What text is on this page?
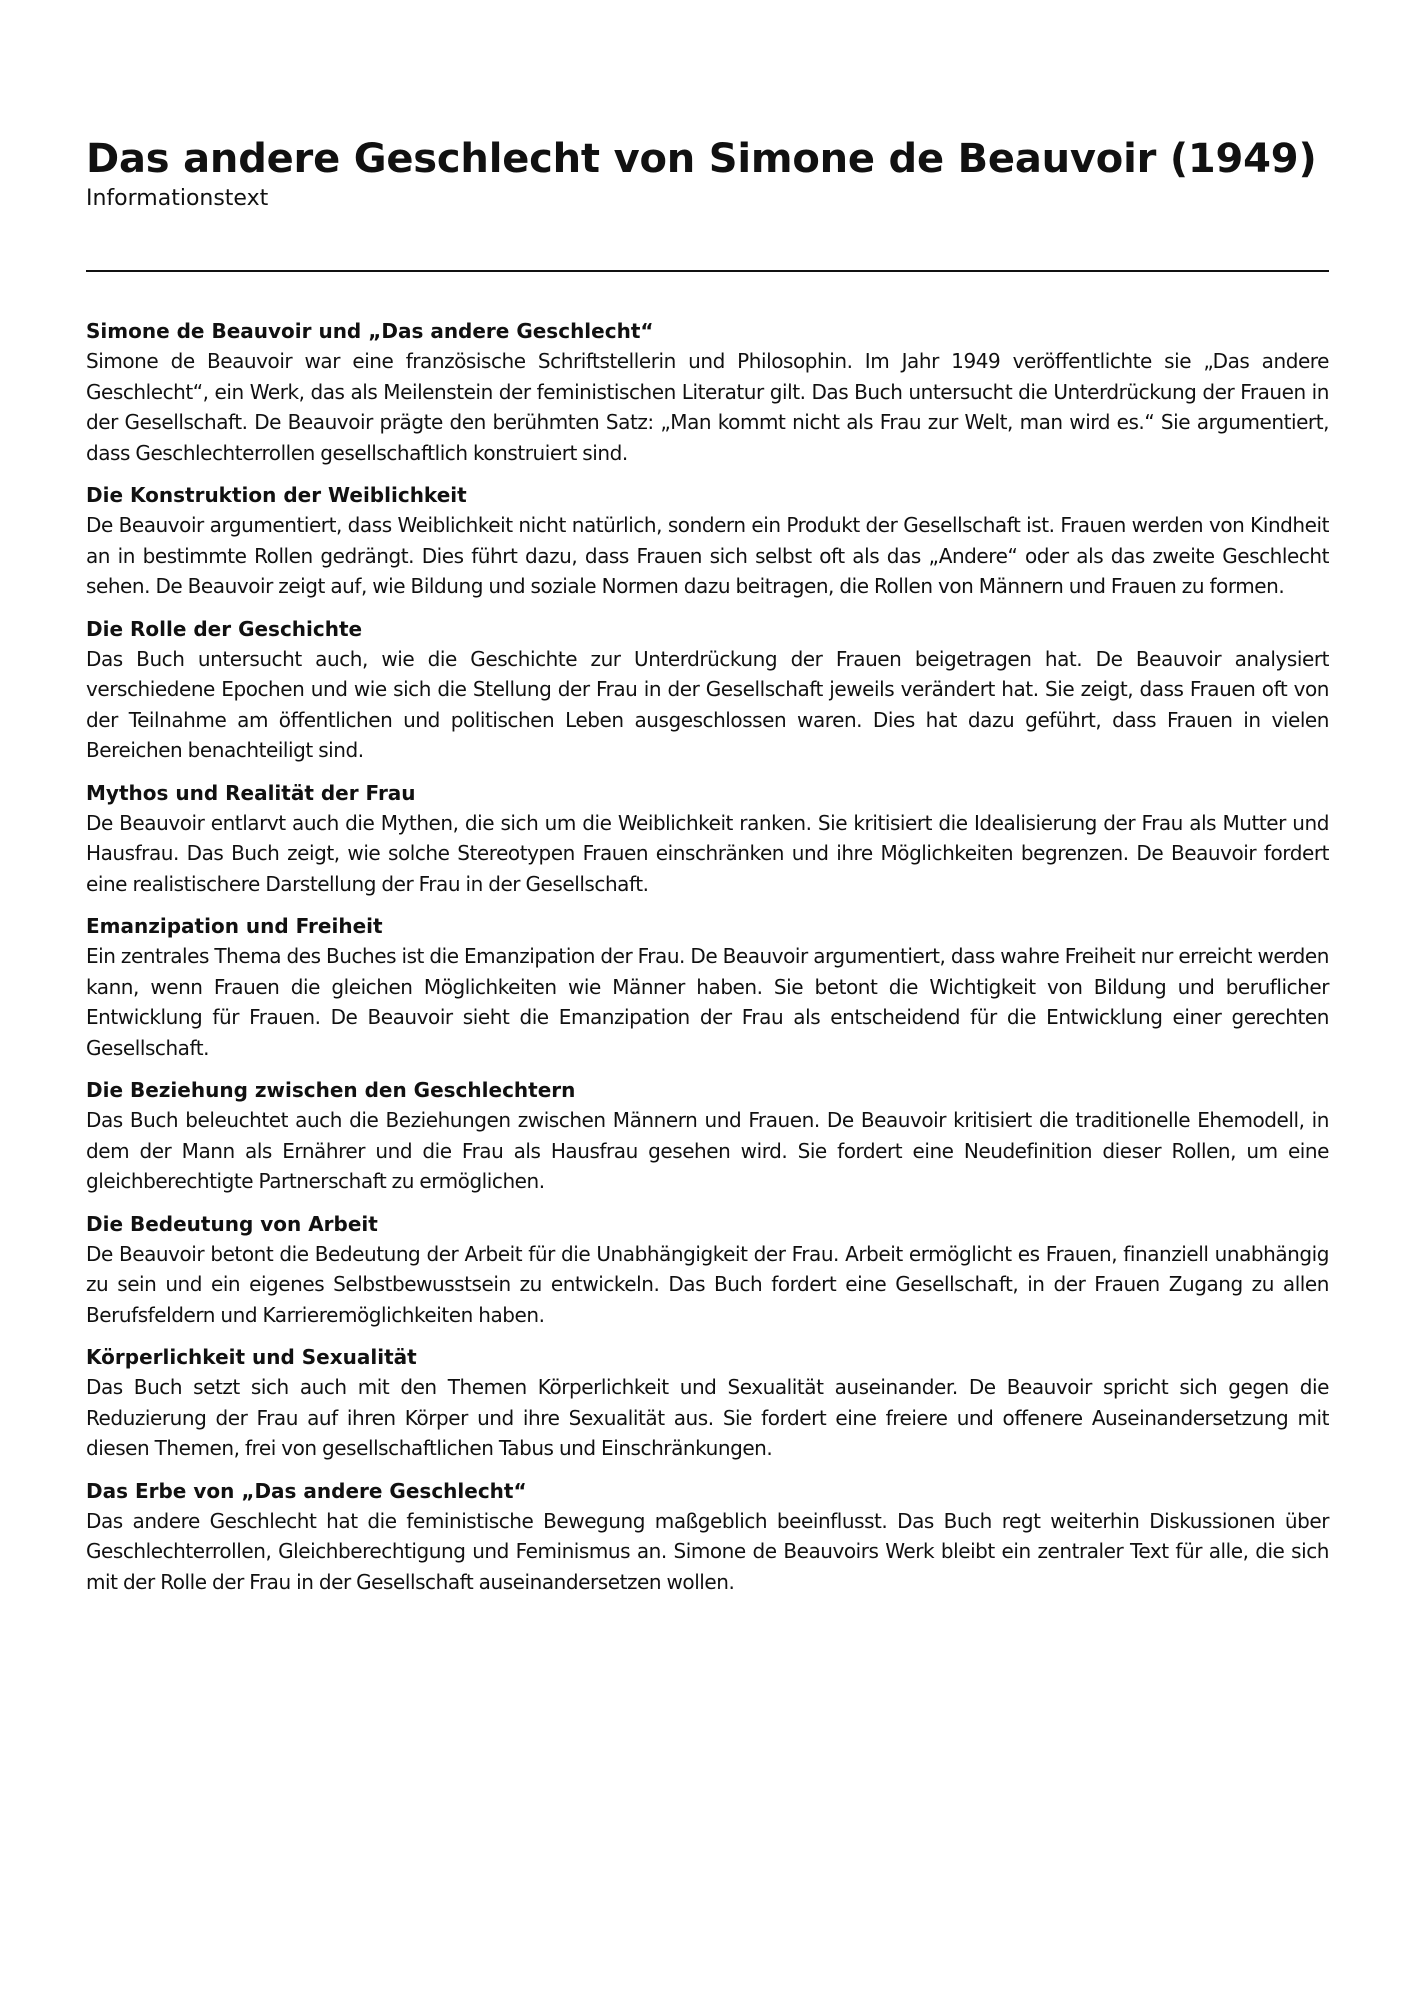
Das andere Geschlecht von Simone de Beauvoir (1949)
Informationstext
Simone de Beauvoir und „Das andere Geschlecht“

Simone de Beauvoir war eine französische Schriftstellerin und Philosophin. Im Jahr 1949 veröffentlichte sie „Das andere Geschlecht“, ein Werk, das als Meilenstein der feministischen Literatur gilt. Das Buch untersucht die Unterdrückung der Frauen in der Gesellschaft. De Beauvoir prägte den berühmten Satz: „Man kommt nicht als Frau zur Welt, man wird es.“ Sie argumentiert, dass Geschlechterrollen gesellschaftlich konstruiert sind.

Die Konstruktion der Weiblichkeit

De Beauvoir argumentiert, dass Weiblichkeit nicht natürlich, sondern ein Produkt der Gesellschaft ist. Frauen werden von Kindheit an in bestimmte Rollen gedrängt. Dies führt dazu, dass Frauen sich selbst oft als das „Andere“ oder als das zweite Geschlecht sehen. De Beauvoir zeigt auf, wie Bildung und soziale Normen dazu beitragen, die Rollen von Männern und Frauen zu formen.

Die Rolle der Geschichte

Das Buch untersucht auch, wie die Geschichte zur Unterdrückung der Frauen beigetragen hat. De Beauvoir analysiert verschiedene Epochen und wie sich die Stellung der Frau in der Gesellschaft jeweils verändert hat. Sie zeigt, dass Frauen oft von der Teilnahme am öffentlichen und politischen Leben ausgeschlossen waren. Dies hat dazu geführt, dass Frauen in vielen Bereichen benachteiligt sind.

Mythos und Realität der Frau

De Beauvoir entlarvt auch die Mythen, die sich um die Weiblichkeit ranken. Sie kritisiert die Idealisierung der Frau als Mutter und Hausfrau. Das Buch zeigt, wie solche Stereotypen Frauen einschränken und ihre Möglichkeiten begrenzen. De Beauvoir fordert eine realistischere Darstellung der Frau in der Gesellschaft.

Emanzipation und Freiheit

Ein zentrales Thema des Buches ist die Emanzipation der Frau. De Beauvoir argumentiert, dass wahre Freiheit nur erreicht werden kann, wenn Frauen die gleichen Möglichkeiten wie Männer haben. Sie betont die Wichtigkeit von Bildung und beruflicher Entwicklung für Frauen. De Beauvoir sieht die Emanzipation der Frau als entscheidend für die Entwicklung einer gerechten Gesellschaft.

Die Beziehung zwischen den Geschlechtern

Das Buch beleuchtet auch die Beziehungen zwischen Männern und Frauen. De Beauvoir kritisiert die traditionelle Ehemodell, in dem der Mann als Ernährer und die Frau als Hausfrau gesehen wird. Sie fordert eine Neudefinition dieser Rollen, um eine gleichberechtigte Partnerschaft zu ermöglichen.

Die Bedeutung von Arbeit

De Beauvoir betont die Bedeutung der Arbeit für die Unabhängigkeit der Frau. Arbeit ermöglicht es Frauen, finanziell unabhängig zu sein und ein eigenes Selbstbewusstsein zu entwickeln. Das Buch fordert eine Gesellschaft, in der Frauen Zugang zu allen Berufsfeldern und Karrieremöglichkeiten haben.

Körperlichkeit und Sexualität

Das Buch setzt sich auch mit den Themen Körperlichkeit und Sexualität auseinander. De Beauvoir spricht sich gegen die Reduzierung der Frau auf ihren Körper und ihre Sexualität aus. Sie fordert eine freiere und offenere Auseinandersetzung mit diesen Themen, frei von gesellschaftlichen Tabus und Einschränkungen.

Das Erbe von „Das andere Geschlecht“

Das andere Geschlecht hat die feministische Bewegung maßgeblich beeinflusst. Das Buch regt weiterhin Diskussionen über Geschlechterrollen, Gleichberechtigung und Feminismus an. Simone de Beauvoirs Werk bleibt ein zentraler Text für alle, die sich mit der Rolle der Frau in der Gesellschaft auseinandersetzen wollen.
